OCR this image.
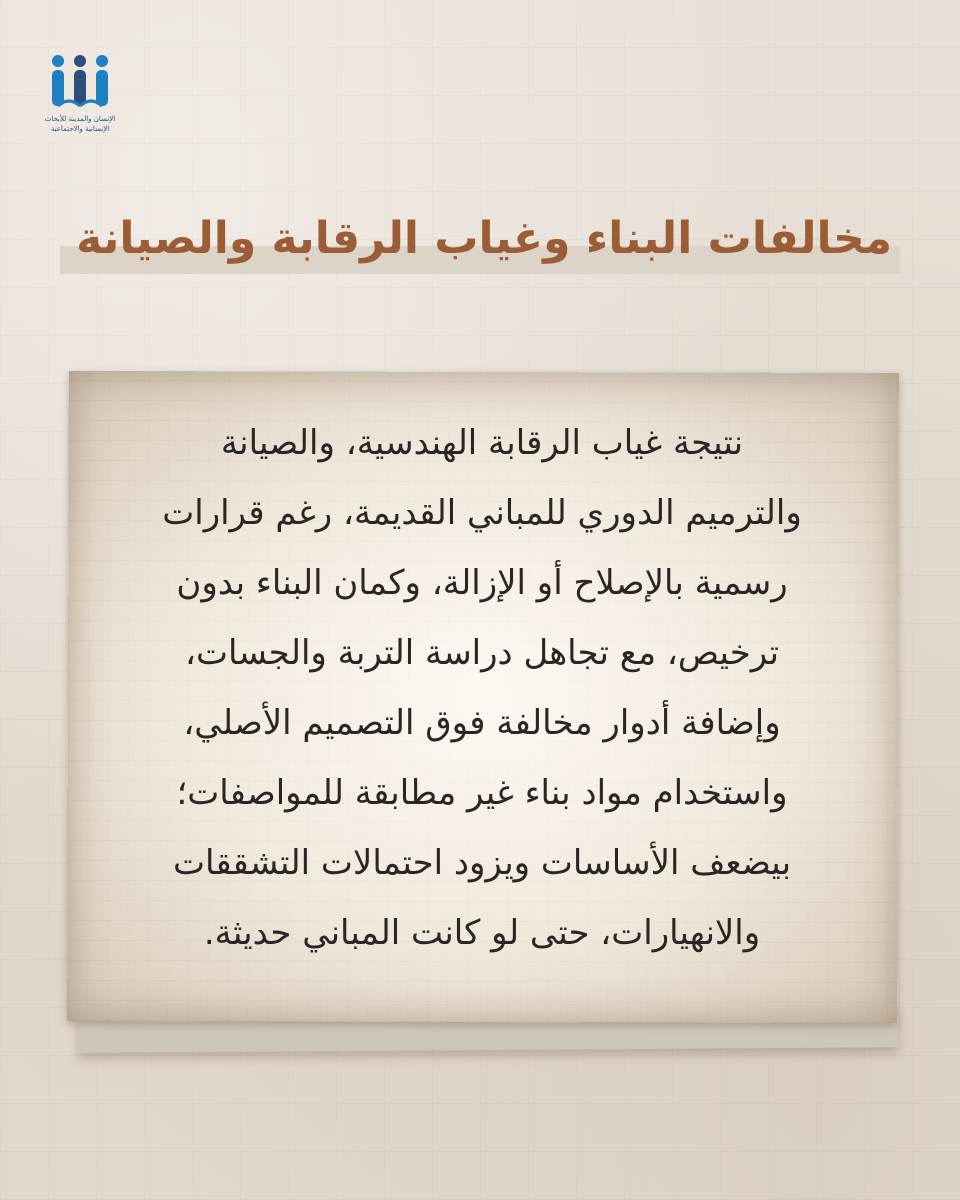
الإنسان والمدينة للأبحاث
الإنسانية والاجتماعية
مخالفات البناء وغياب الرقابة والصيانة
نتيجة غياب الرقابة الهندسية، والصيانة
والترميم الدوري للمباني القديمة، رغم قرارات
رسمية بالإصلاح أو الإزالة، وكمان البناء بدون
ترخيص، مع تجاهل دراسة التربة والجسات،
وإضافة أدوار مخالفة فوق التصميم الأصلي،
واستخدام مواد بناء غير مطابقة للمواصفات؛
بيضعف الأساسات ويزود احتمالات التشققات
والانهيارات، حتى لو كانت المباني حديثة.
